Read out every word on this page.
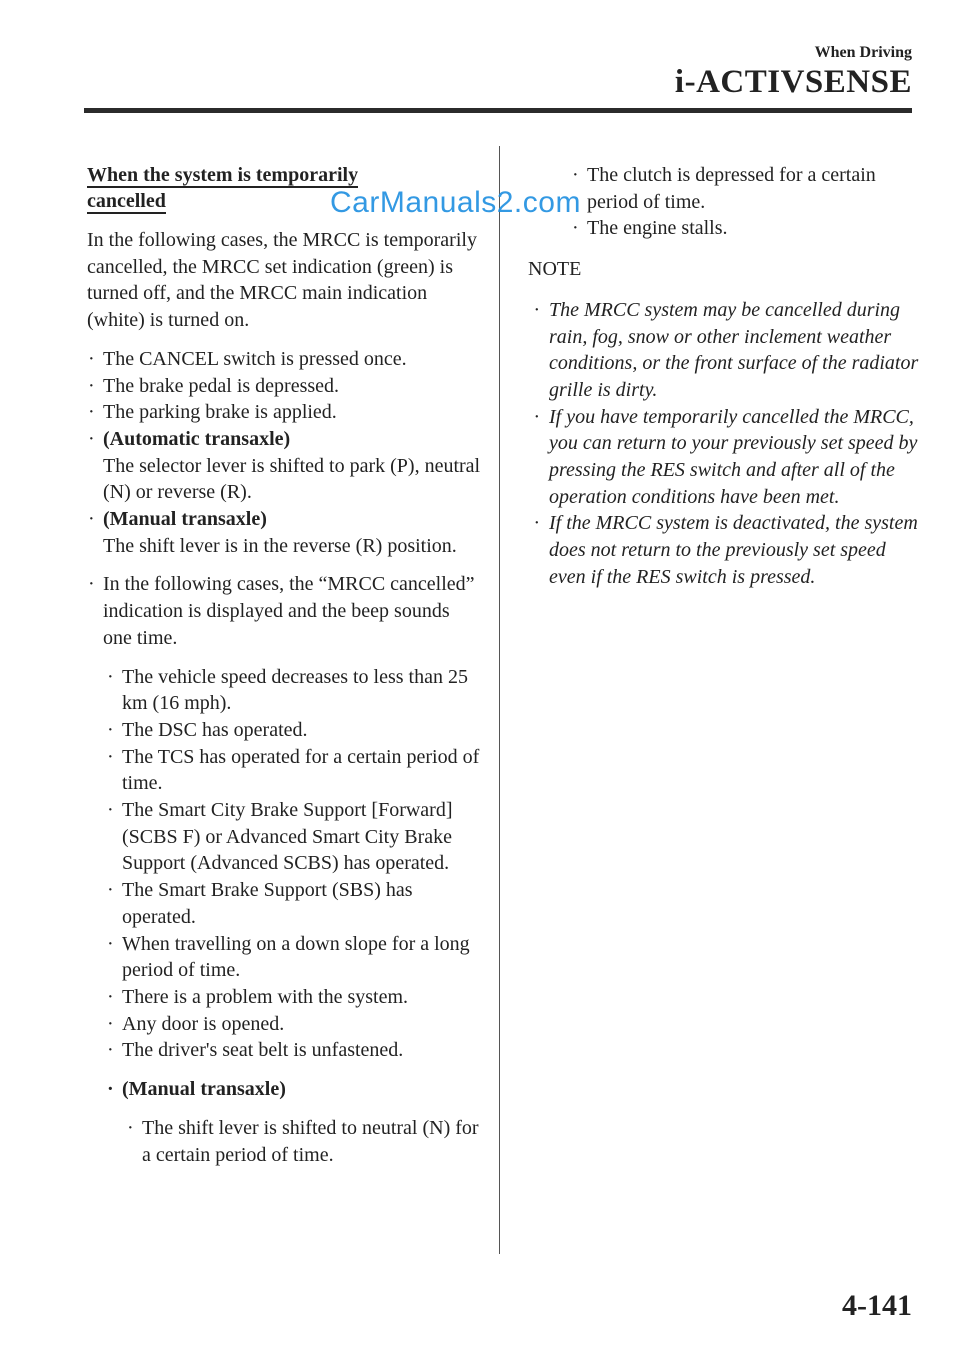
When Driving
i-ACTIVSENSE
CarManuals2.com
When the system is temporarily
cancelled
In the following cases, the MRCC is temporarily cancelled, the MRCC set indication (green) is turned off, and the MRCC main indication (white) is turned on.
· The CANCEL switch is pressed once.
· The brake pedal is depressed.
· The parking brake is applied.
· (Automatic transaxle)
The selector lever is shifted to park (P), neutral (N) or reverse (R).
· (Manual transaxle)
The shift lever is in the reverse (R) position.
· In the following cases, the “MRCC cancelled” indication is displayed and the beep sounds one time.
· The vehicle speed decreases to less than 25 km (16 mph).
· The DSC has operated.
· The TCS has operated for a certain period of time.
· The Smart City Brake Support [Forward] (SCBS F) or Advanced Smart City Brake Support (Advanced SCBS) has operated.
· The Smart Brake Support (SBS) has operated.
· When travelling on a down slope for a long period of time.
· There is a problem with the system.
· Any door is opened.
· The driver's seat belt is unfastened.
· (Manual transaxle)
· The shift lever is shifted to neutral (N) for a certain period of time.
· The clutch is depressed for a certain period of time.
· The engine stalls.
NOTE
· The MRCC system may be cancelled during rain, fog, snow or other inclement weather conditions, or the front surface of the radiator grille is dirty.
· If you have temporarily cancelled the MRCC, you can return to your previously set speed by pressing the RES switch and after all of the operation conditions have been met.
· If the MRCC system is deactivated, the system does not return to the previously set speed even if the RES switch is pressed.
4-141
